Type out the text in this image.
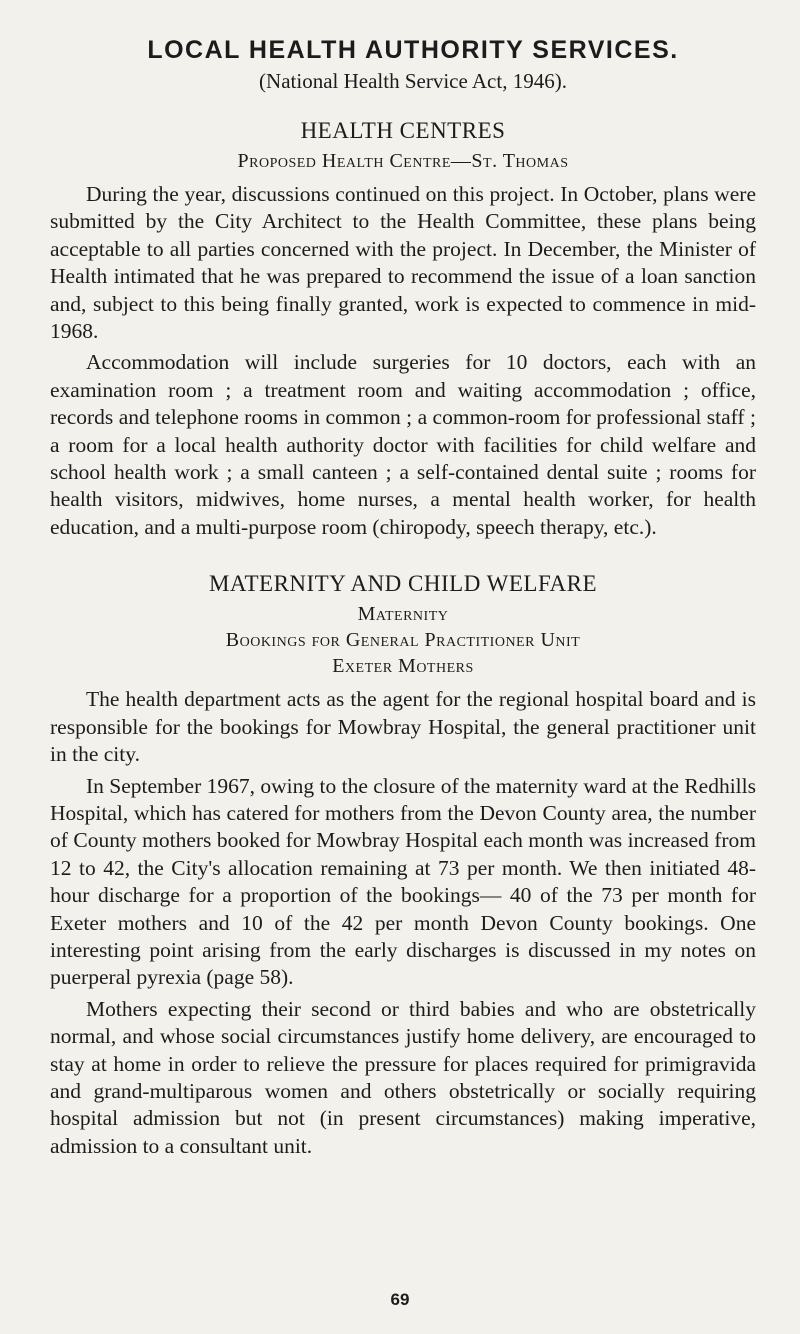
LOCAL HEALTH AUTHORITY SERVICES.
(National Health Service Act, 1946).
HEALTH CENTRES
Proposed Health Centre—St. Thomas

During the year, discussions continued on this project. In October, plans were submitted by the City Architect to the Health Committee, these plans being acceptable to all parties concerned with the project. In December, the Minister of Health intimated that he was prepared to recommend the issue of a loan sanction and, subject to this being finally granted, work is expected to commence in mid-1968.

Accommodation will include surgeries for 10 doctors, each with an examination room ; a treatment room and waiting accommodation ; office, records and telephone rooms in common ; a common-room for professional staff ; a room for a local health authority doctor with facilities for child welfare and school health work ; a small canteen ; a self-contained dental suite ; rooms for health visitors, midwives, home nurses, a mental health worker, for health education, and a multi-purpose room (chiropody, speech therapy, etc.).

MATERNITY AND CHILD WELFARE
Maternity
Bookings for General Practitioner Unit
Exeter Mothers

The health department acts as the agent for the regional hospital board and is responsible for the bookings for Mowbray Hospital, the general practitioner unit in the city.

In September 1967, owing to the closure of the maternity ward at the Redhills Hospital, which has catered for mothers from the Devon County area, the number of County mothers booked for Mowbray Hospital each month was increased from 12 to 42, the City's allocation remaining at 73 per month. We then initiated 48-hour discharge for a proportion of the bookings— 40 of the 73 per month for Exeter mothers and 10 of the 42 per month Devon County bookings. One interesting point arising from the early discharges is discussed in my notes on puerperal pyrexia (page 58).

Mothers expecting their second or third babies and who are obstetrically normal, and whose social circumstances justify home delivery, are encouraged to stay at home in order to relieve the pressure for places required for primigravida and grand-multiparous women and others obstetrically or socially requiring hospital admission but not (in present circumstances) making imperative, admission to a consultant unit.

69
